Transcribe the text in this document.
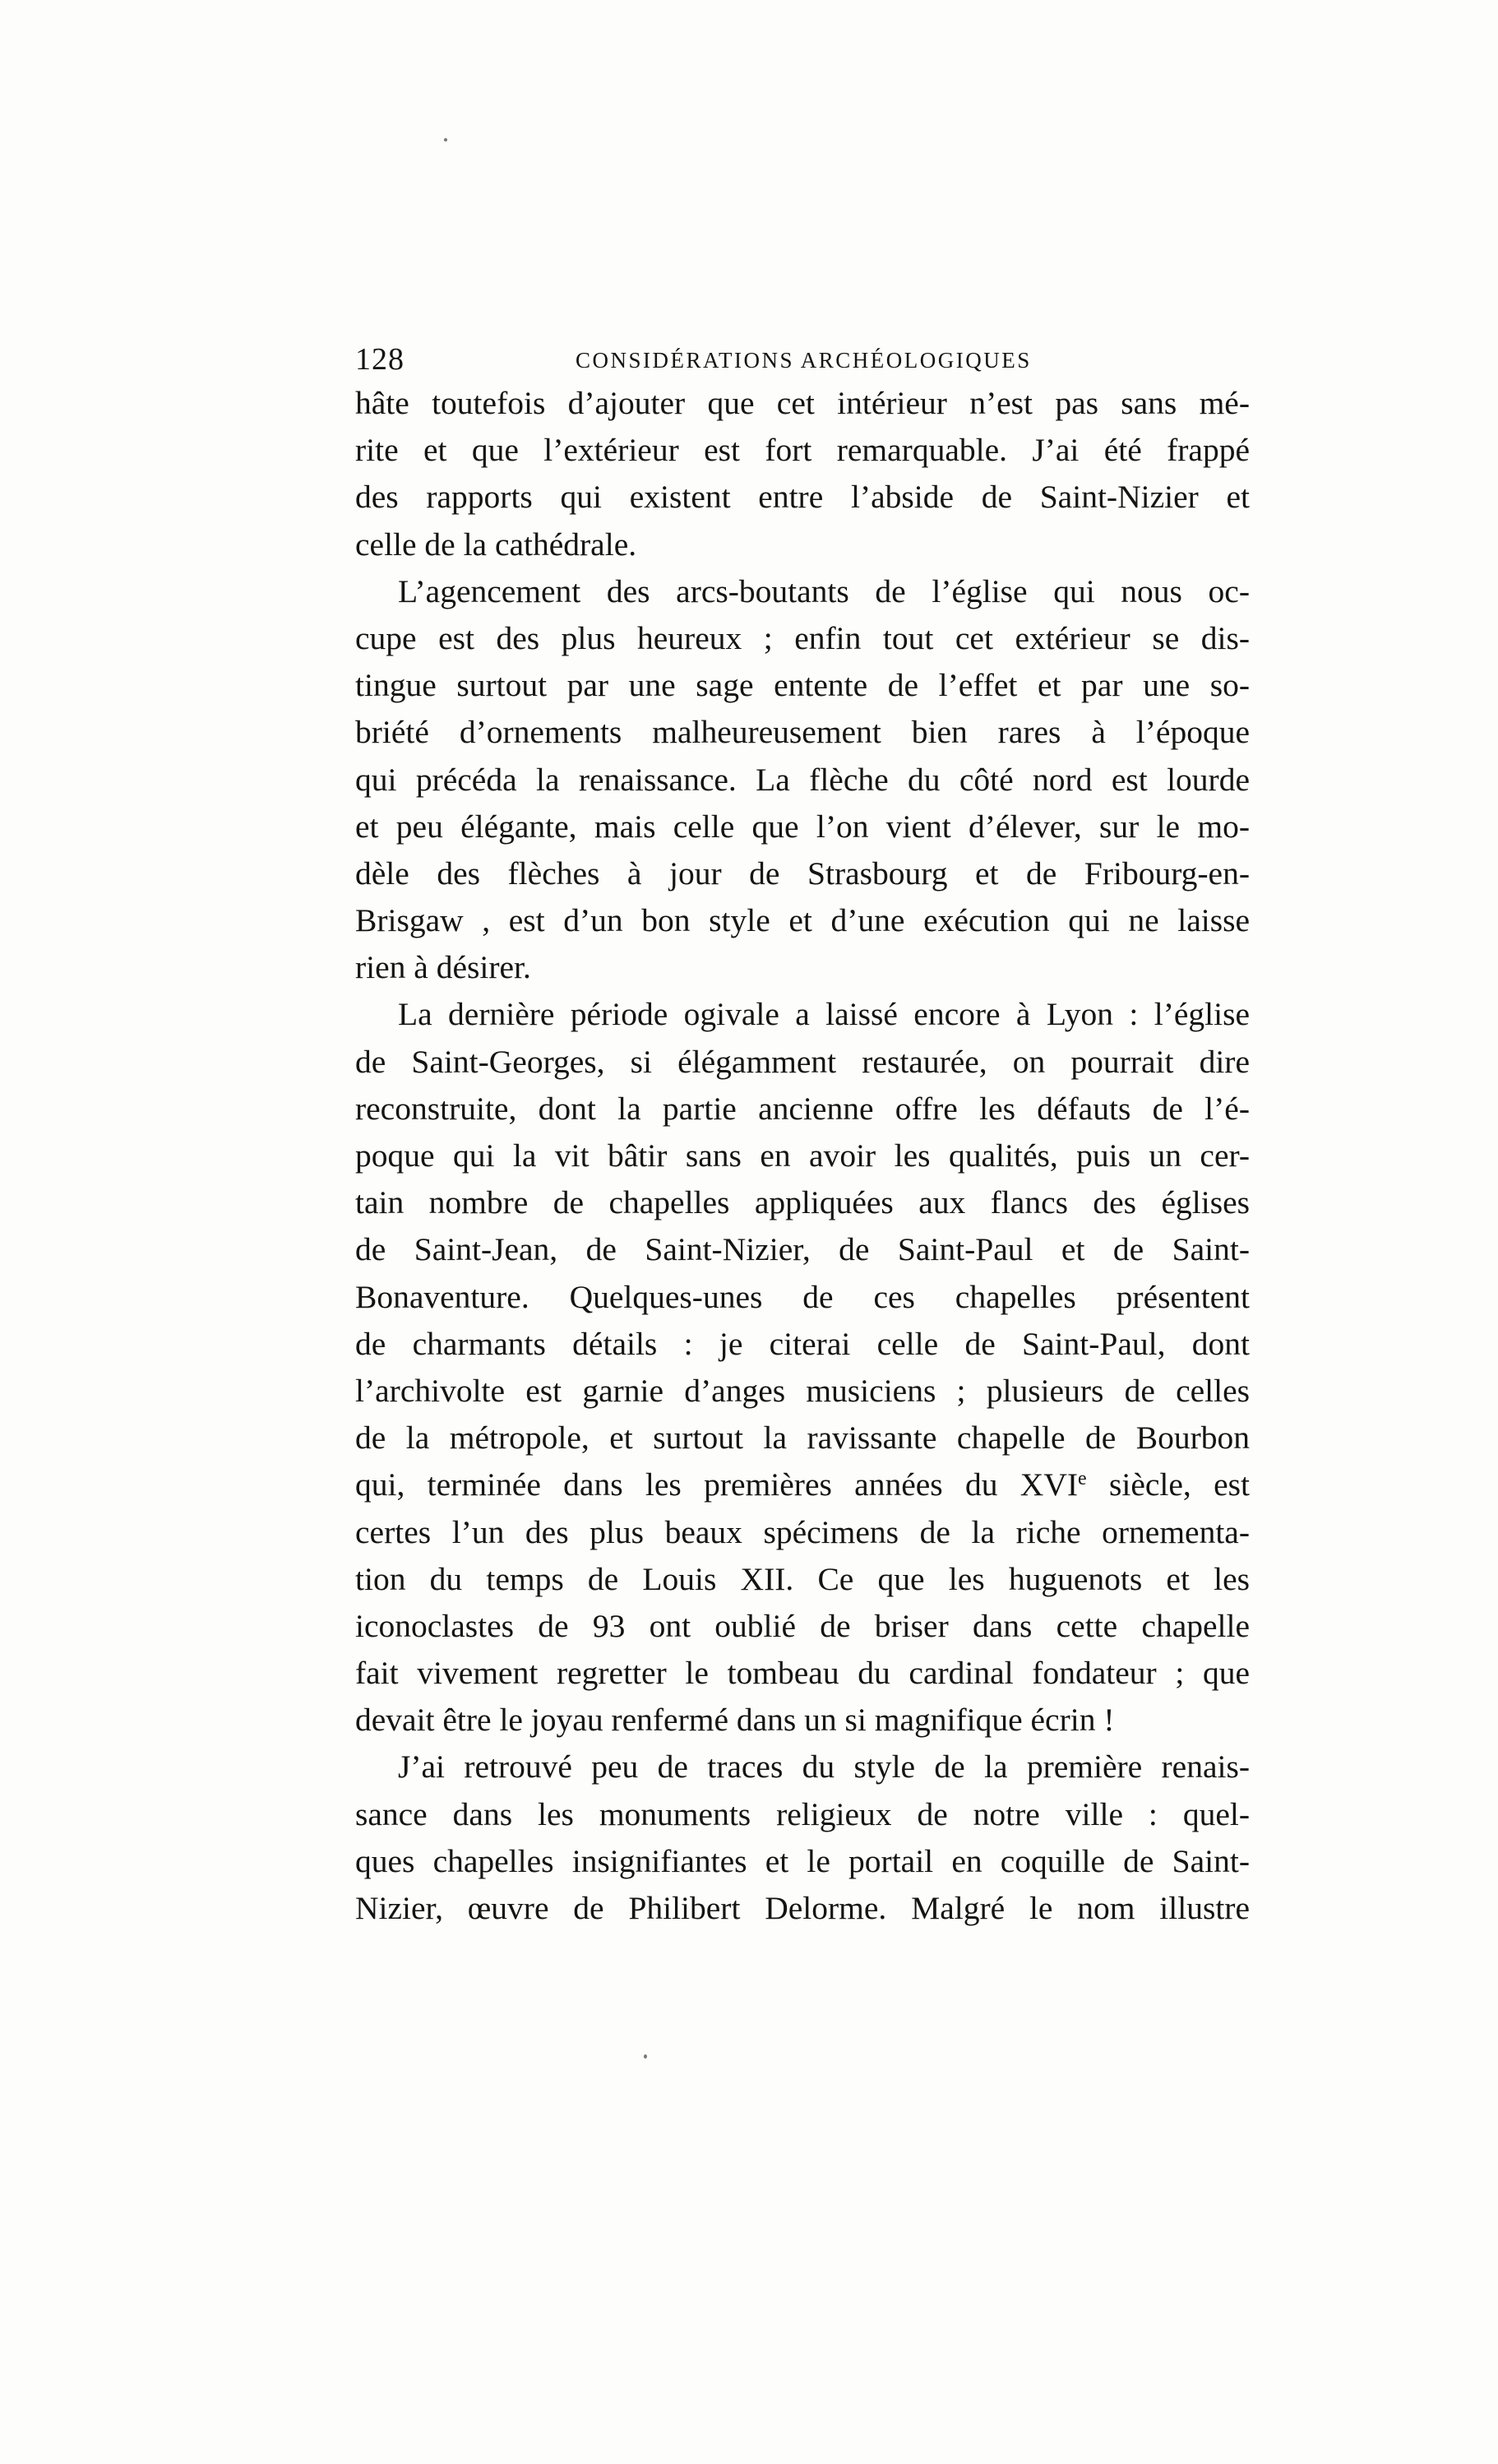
128	CONSIDÉRATIONS ARCHÉOLOGIQUES
hâte toutefois d’ajouter que cet intérieur n’est pas sans mé-
rite et que l’extérieur est fort remarquable. J’ai été frappé
des rapports qui existent entre l’abside de Saint-Nizier et
celle de la cathédrale.
L’agencement des arcs-boutants de l’église qui nous oc-
cupe est des plus heureux ; enfin tout cet extérieur se dis-
tingue surtout par une sage entente de l’effet et par une so-
briété d’ornements malheureusement bien rares à l’époque
qui précéda la renaissance. La flèche du côté nord est lourde
et peu élégante, mais celle que l’on vient d’élever, sur le mo-
dèle des flèches à jour de Strasbourg et de Fribourg-en-
Brisgaw , est d’un bon style et d’une exécution qui ne laisse
rien à désirer.
La dernière période ogivale a laissé encore à Lyon : l’église
de Saint-Georges, si élégamment restaurée, on pourrait dire
reconstruite, dont la partie ancienne offre les défauts de l’é-
poque qui la vit bâtir sans en avoir les qualités, puis un cer-
tain nombre de chapelles appliquées aux flancs des églises
de Saint-Jean, de Saint-Nizier, de Saint-Paul et de Saint-
Bonaventure. Quelques-unes de ces chapelles présentent
de charmants détails : je citerai celle de Saint-Paul, dont
l’archivolte est garnie d’anges musiciens ; plusieurs de celles
de la métropole, et surtout la ravissante chapelle de Bourbon
qui, terminée dans les premières années du XVIe siècle, est
certes l’un des plus beaux spécimens de la riche ornementa-
tion du temps de Louis XII. Ce que les huguenots et les
iconoclastes de 93 ont oublié de briser dans cette chapelle
fait vivement regretter le tombeau du cardinal fondateur ; que
devait être le joyau renfermé dans un si magnifique écrin !
J’ai retrouvé peu de traces du style de la première renais-
sance dans les monuments religieux de notre ville : quel-
ques chapelles insignifiantes et le portail en coquille de Saint-
Nizier, œuvre de Philibert Delorme. Malgré le nom illustre
